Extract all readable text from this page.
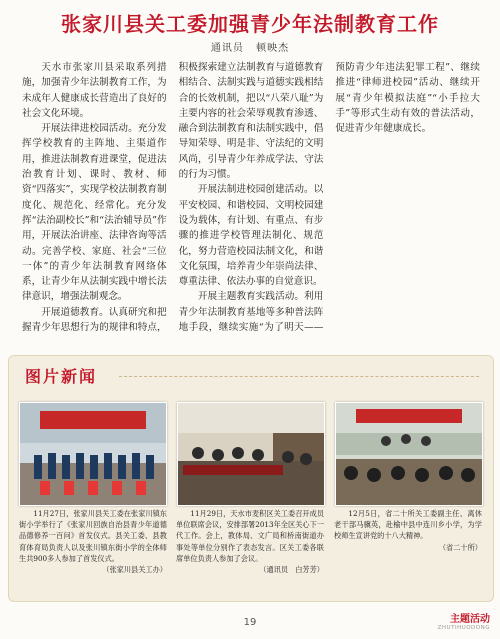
张家川县关工委加强青少年法制教育工作
通讯员 顿映杰

天水市张家川县采取系列措施，加强青少年法制教育工作，为未成年人健康成长营造出了良好的社会文化环境。

开展法律进校园活动。充分发挥学校教育的主阵地、主渠道作用，推进法制教育进课堂，促进法治教育计划、课时、教材、师资“四落实”，实现学校法制教育制度化、规范化、经常化。充分发挥“法治副校长”和“法治辅导员”作用，开展法治讲座、法律咨询等活动。完善学校、家庭、社会“三位一体”的青少年法制教育网络体系，让青少年从法制实践中增长法律意识，增强法制观念。

开展道德教育。认真研究和把握青少年思想行为的规律和特点，积极探索建立法制教育与道德教育相结合、法制实践与道德实践相结合的长效机制，把以“八荣八耻”为主要内容的社会荣辱观教育渗透、融合到法制教育和法制实践中，倡导知荣辱、明是非、守法纪的文明风尚，引导青少年养成学法、守法的行为习惯。

开展法制进校园创建活动。以平安校园、和谐校园、文明校园建设为载体，有计划、有重点、有步骤的推进学校管理法制化、规范化，努力营造校园法制文化，和谐文化氛围，培养青少年崇尚法律、尊重法律、依法办事的自觉意识。

开展主题教育实践活动。利用青少年法制教育基地等多种普法阵地手段，继续实施“为了明天——预防青少年违法犯罪工程”、继续推进“律师进校园”活动、继续开展“青少年模拟法庭”“小手拉大手”等形式生动有效的普法活动，促进青少年健康成长。

图片新闻

11月27日，张家川县关工委在张家川镇东街小学举行了《张家川回族自治县青少年道德品德修养一百问》首发仪式。县关工委、县教育体育局负责人以及张川镇东街小学的全体师生共900多人参加了首发仪式。

（张家川县关工办）

11月29日，天水市麦积区关工委召开成员单位联席会议，安排部署2013年全区关心下一代工作。会上，教体局、文广局和桥南街道办事处等单位分别作了表态发言。区关工委各联席单位负责人参加了会议。

（通讯员　白芳芳）

12月5日，省二十所关工委副主任、离休老干部马骥英，赴榆中县中连川乡小学，为学校师生宣讲党的十八大精神。

（省二十所）

19	主题活动
ZHUTIHUODONG
